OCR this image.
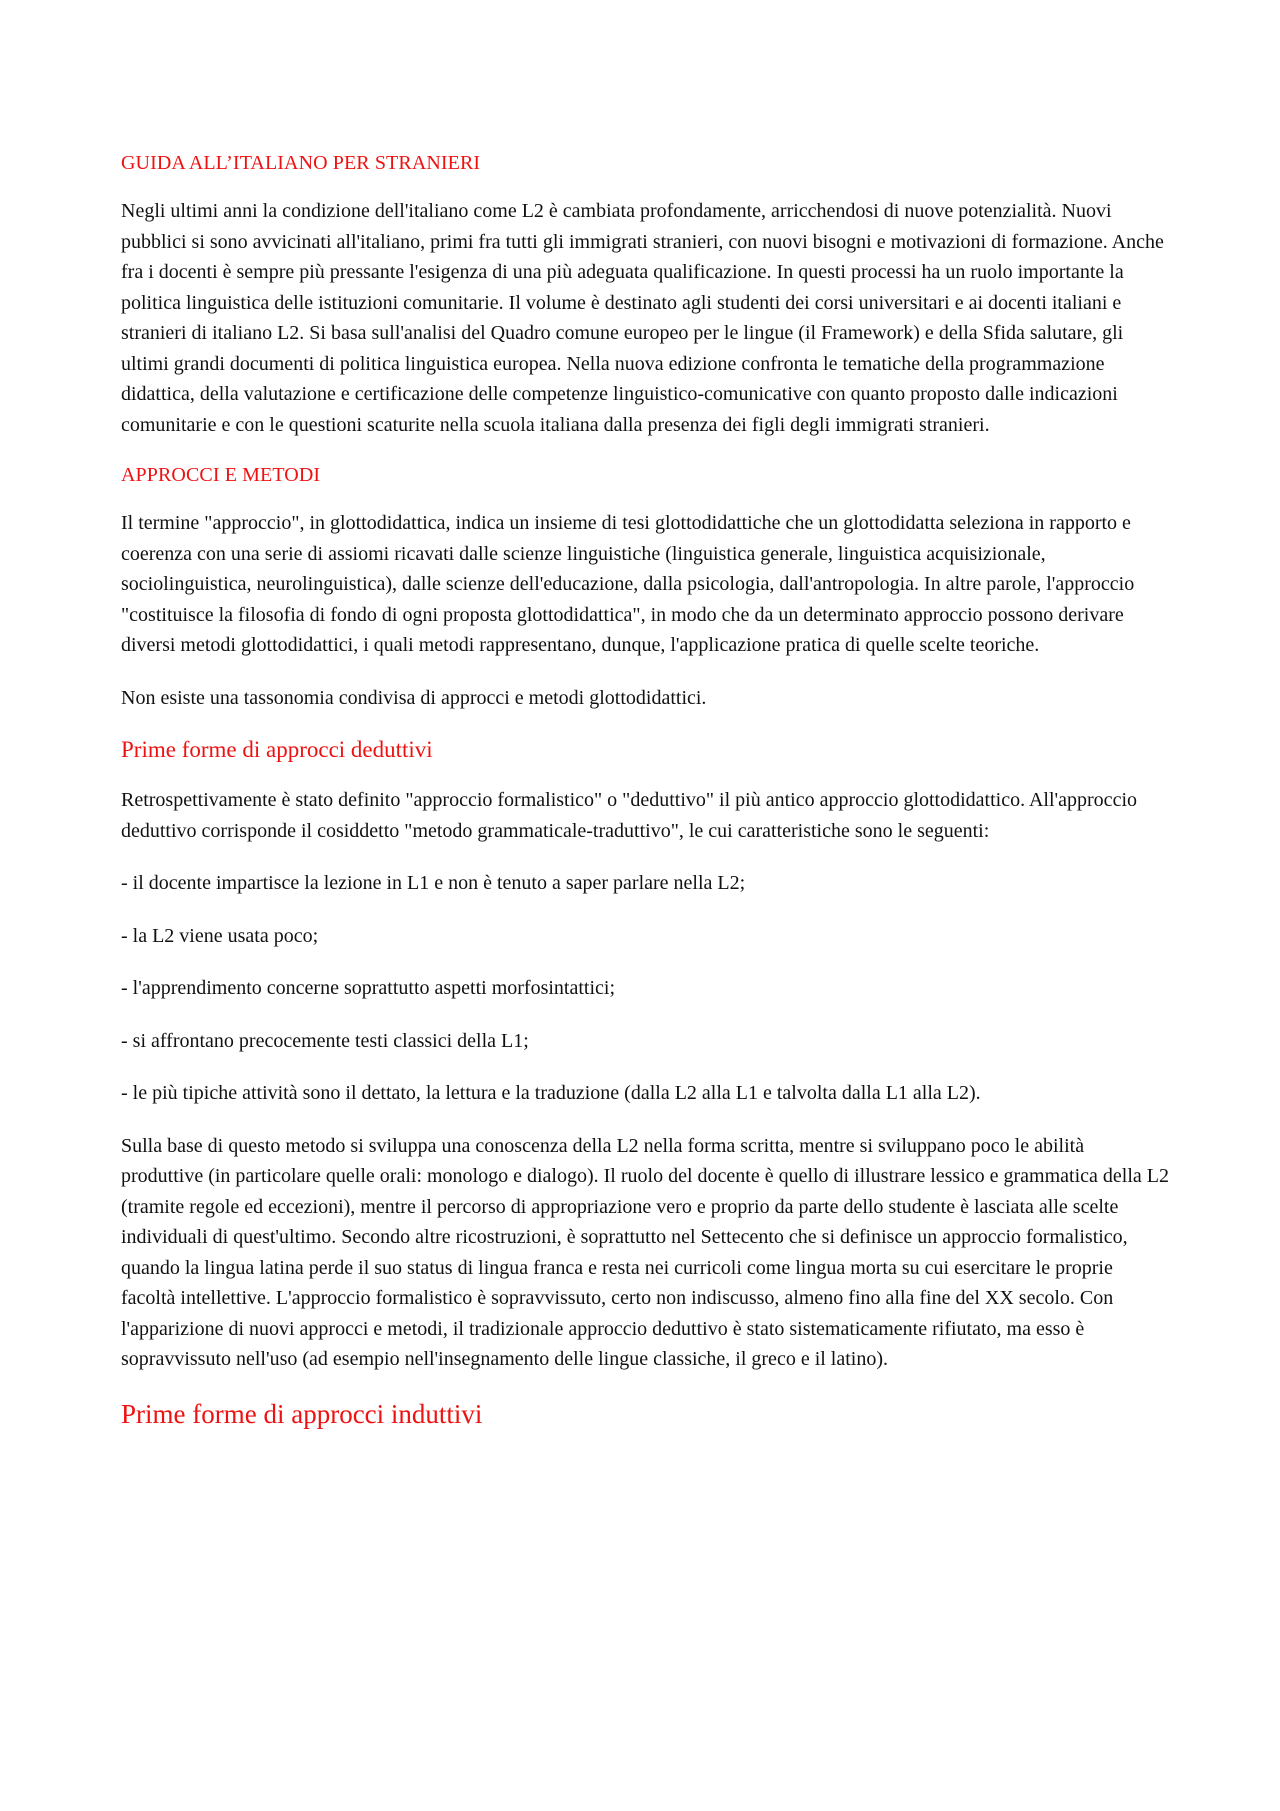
GUIDA ALL’ITALIANO PER STRANIERI

Negli ultimi anni la condizione dell'italiano come L2 è cambiata profondamente, arricchendosi di nuove potenzialità. Nuovi pubblici si sono avvicinati all'italiano, primi fra tutti gli immigrati stranieri, con nuovi bisogni e motivazioni di formazione. Anche fra i docenti è sempre più pressante l'esigenza di una più adeguata qualificazione. In questi processi ha un ruolo importante la politica linguistica delle istituzioni comunitarie. Il volume è destinato agli studenti dei corsi universitari e ai docenti italiani e stranieri di italiano L2. Si basa sull'analisi del Quadro comune europeo per le lingue (il Framework) e della Sfida salutare, gli ultimi grandi documenti di politica linguistica europea. Nella nuova edizione confronta le tematiche della programmazione didattica, della valutazione e certificazione delle competenze linguistico-comunicative con quanto proposto dalle indicazioni comunitarie e con le questioni scaturite nella scuola italiana dalla presenza dei figli degli immigrati stranieri.

APPROCCI E METODI

Il termine "approccio", in glottodidattica, indica un insieme di tesi glottodidattiche che un glottodidatta seleziona in rapporto e coerenza con una serie di assiomi ricavati dalle scienze linguistiche (linguistica generale, linguistica acquisizionale, sociolinguistica, neurolinguistica), dalle scienze dell'educazione, dalla psicologia, dall'antropologia. In altre parole, l'approccio "costituisce la filosofia di fondo di ogni proposta glottodidattica", in modo che da un determinato approccio possono derivare diversi metodi glottodidattici, i quali metodi rappresentano, dunque, l'applicazione pratica di quelle scelte teoriche.

Non esiste una tassonomia condivisa di approcci e metodi glottodidattici.

Prime forme di approcci deduttivi

Retrospettivamente è stato definito "approccio formalistico" o "deduttivo" il più antico approccio glottodidattico. All'approccio deduttivo corrisponde il cosiddetto "metodo grammaticale-traduttivo", le cui caratteristiche sono le seguenti:

- il docente impartisce la lezione in L1 e non è tenuto a saper parlare nella L2;

- la L2 viene usata poco;

- l'apprendimento concerne soprattutto aspetti morfosintattici;

- si affrontano precocemente testi classici della L1;

- le più tipiche attività sono il dettato, la lettura e la traduzione (dalla L2 alla L1 e talvolta dalla L1 alla L2).

Sulla base di questo metodo si sviluppa una conoscenza della L2 nella forma scritta, mentre si sviluppano poco le abilità produttive (in particolare quelle orali: monologo e dialogo). Il ruolo del docente è quello di illustrare lessico e grammatica della L2 (tramite regole ed eccezioni), mentre il percorso di appropriazione vero e proprio da parte dello studente è lasciata alle scelte individuali di quest'ultimo. Secondo altre ricostruzioni, è soprattutto nel Settecento che si definisce un approccio formalistico, quando la lingua latina perde il suo status di lingua franca e resta nei curricoli come lingua morta su cui esercitare le proprie facoltà intellettive. L'approccio formalistico è sopravvissuto, certo non indiscusso, almeno fino alla fine del XX secolo. Con l'apparizione di nuovi approcci e metodi, il tradizionale approccio deduttivo è stato sistematicamente rifiutato, ma esso è sopravvissuto nell'uso (ad esempio nell'insegnamento delle lingue classiche, il greco e il latino).

Prime forme di approcci induttivi
